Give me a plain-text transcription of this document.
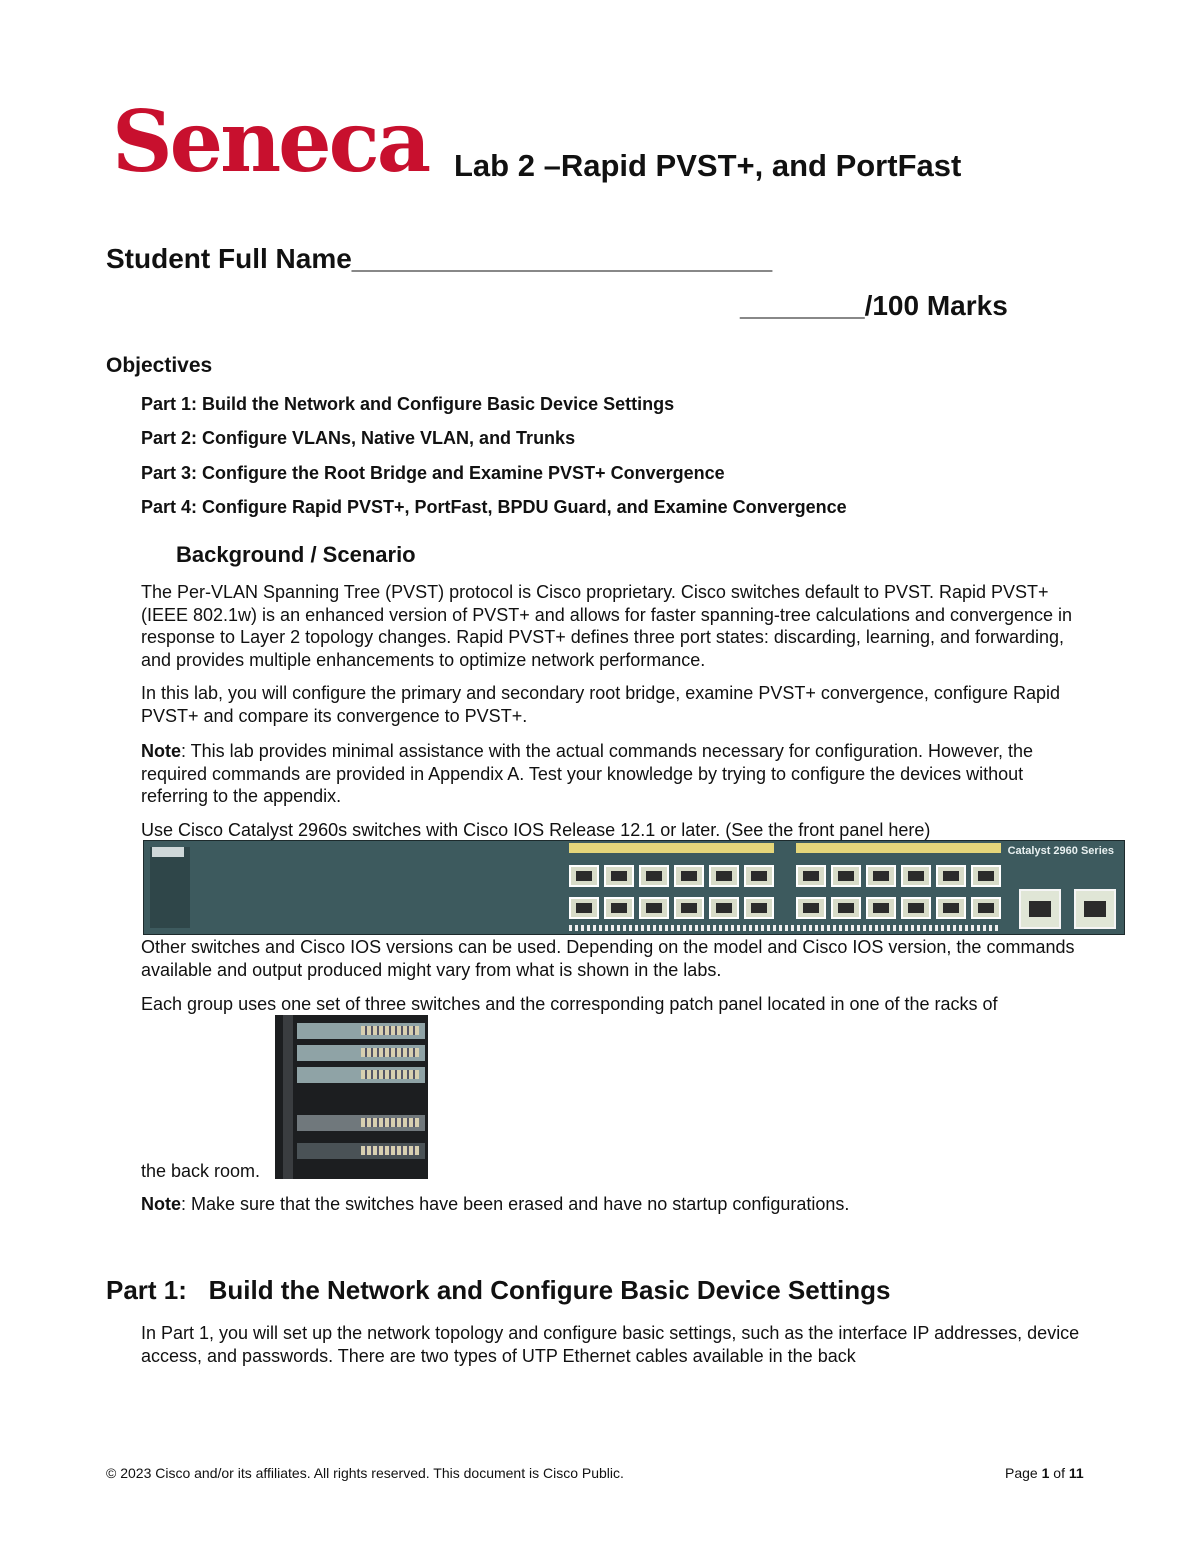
Seneca Lab 2 –Rapid PVST+, and PortFast
Student Full Name___________________________
________/100 Marks
Objectives
Part 1: Build the Network and Configure Basic Device Settings
Part 2: Configure VLANs, Native VLAN, and Trunks
Part 3: Configure the Root Bridge and Examine PVST+ Convergence
Part 4: Configure Rapid PVST+, PortFast, BPDU Guard, and Examine Convergence
Background / Scenario
The Per-VLAN Spanning Tree (PVST) protocol is Cisco proprietary. Cisco switches default to PVST. Rapid PVST+ (IEEE 802.1w) is an enhanced version of PVST+ and allows for faster spanning-tree calculations and convergence in response to Layer 2 topology changes. Rapid PVST+ defines three port states: discarding, learning, and forwarding, and provides multiple enhancements to optimize network performance.
In this lab, you will configure the primary and secondary root bridge, examine PVST+ convergence, configure Rapid PVST+ and compare its convergence to PVST+.
Note: This lab provides minimal assistance with the actual commands necessary for configuration. However, the required commands are provided in Appendix A. Test your knowledge by trying to configure the devices without referring to the appendix.
Use Cisco Catalyst 2960s switches with Cisco IOS Release 12.1 or later. (See the front panel here)
Catalyst 2960 Series
Other switches and Cisco IOS versions can be used. Depending on the model and Cisco IOS version, the commands available and output produced might vary from what is shown in the labs.
Each group uses one set of three switches and the corresponding patch panel located in one of the racks of
the back room.
Note: Make sure that the switches have been erased and have no startup configurations.
Part 1:   Build the Network and Configure Basic Device Settings
In Part 1, you will set up the network topology and configure basic settings, such as the interface IP addresses, device access, and passwords. There are two types of UTP Ethernet cables available in the back
© 2023 Cisco and/or its affiliates. All rights reserved. This document is Cisco Public.	Page 1 of 11
